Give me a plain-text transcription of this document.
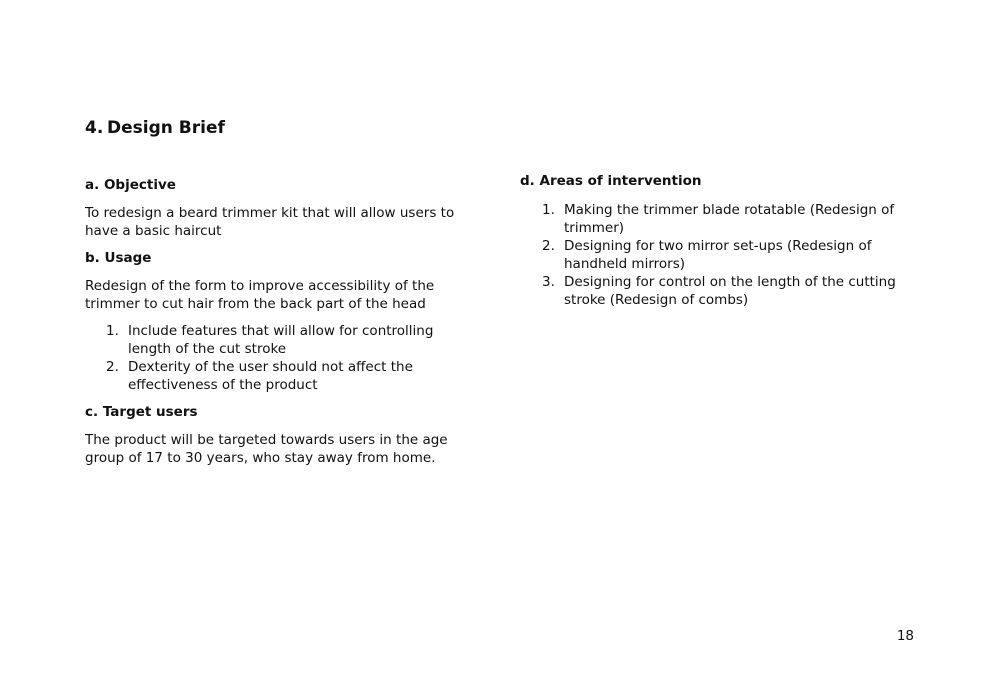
4. Design Brief
a. Objective

To redesign a beard trimmer kit that will allow users to have a basic haircut

b. Usage

Redesign of the form to improve accessibility of the trimmer to cut hair from the back part of the head

1. Include features that will allow for controlling length of the cut stroke
2. Dexterity of the user should not affect the effectiveness of the product
c. Target users

The product will be targeted towards users in the age group of 17 to 30 years, who stay away from home.

d. Areas of intervention
1. Making the trimmer blade rotatable (Redesign of trimmer)
2. Designing for two mirror set-ups (Redesign of handheld mirrors)
3. Designing for control on the length of the cutting stroke (Redesign of combs)
18
